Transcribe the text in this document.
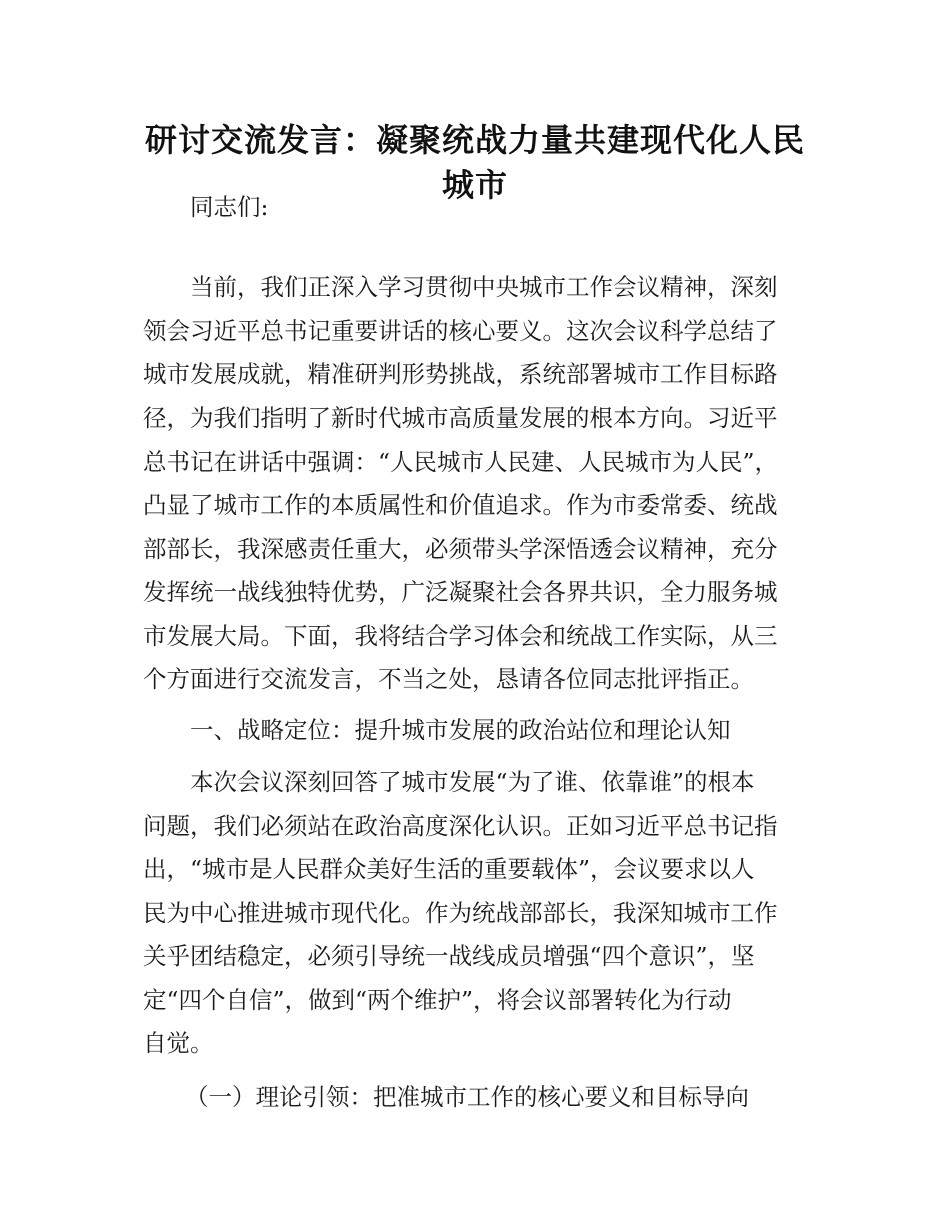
研讨交流发言：凝聚统战力量共建现代化人民
城市
同志们:
当前，我们正深入学习贯彻中央城市工作会议精神，深刻
领会习近平总书记重要讲话的核心要义。这次会议科学总结了
城市发展成就，精准研判形势挑战，系统部署城市工作目标路
径，为我们指明了新时代城市高质量发展的根本方向。习近平
总书记在讲话中强调：“人民城市人民建、人民城市为人民”，
凸显了城市工作的本质属性和价值追求。作为市委常委、统战
部部长，我深感责任重大，必须带头学深悟透会议精神，充分
发挥统一战线独特优势，广泛凝聚社会各界共识，全力服务城
市发展大局。下面，我将结合学习体会和统战工作实际，从三
个方面进行交流发言，不当之处，恳请各位同志批评指正。
一、战略定位：提升城市发展的政治站位和理论认知
本次会议深刻回答了城市发展“为了谁、依靠谁”的根本
问题，我们必须站在政治高度深化认识。正如习近平总书记指
出，“城市是人民群众美好生活的重要载体”，会议要求以人
民为中心推进城市现代化。作为统战部部长，我深知城市工作
关乎团结稳定，必须引导统一战线成员增强“四个意识”，坚
定“四个自信”，做到“两个维护”，将会议部署转化为行动
自觉。
（一）理论引领：把准城市工作的核心要义和目标导向
